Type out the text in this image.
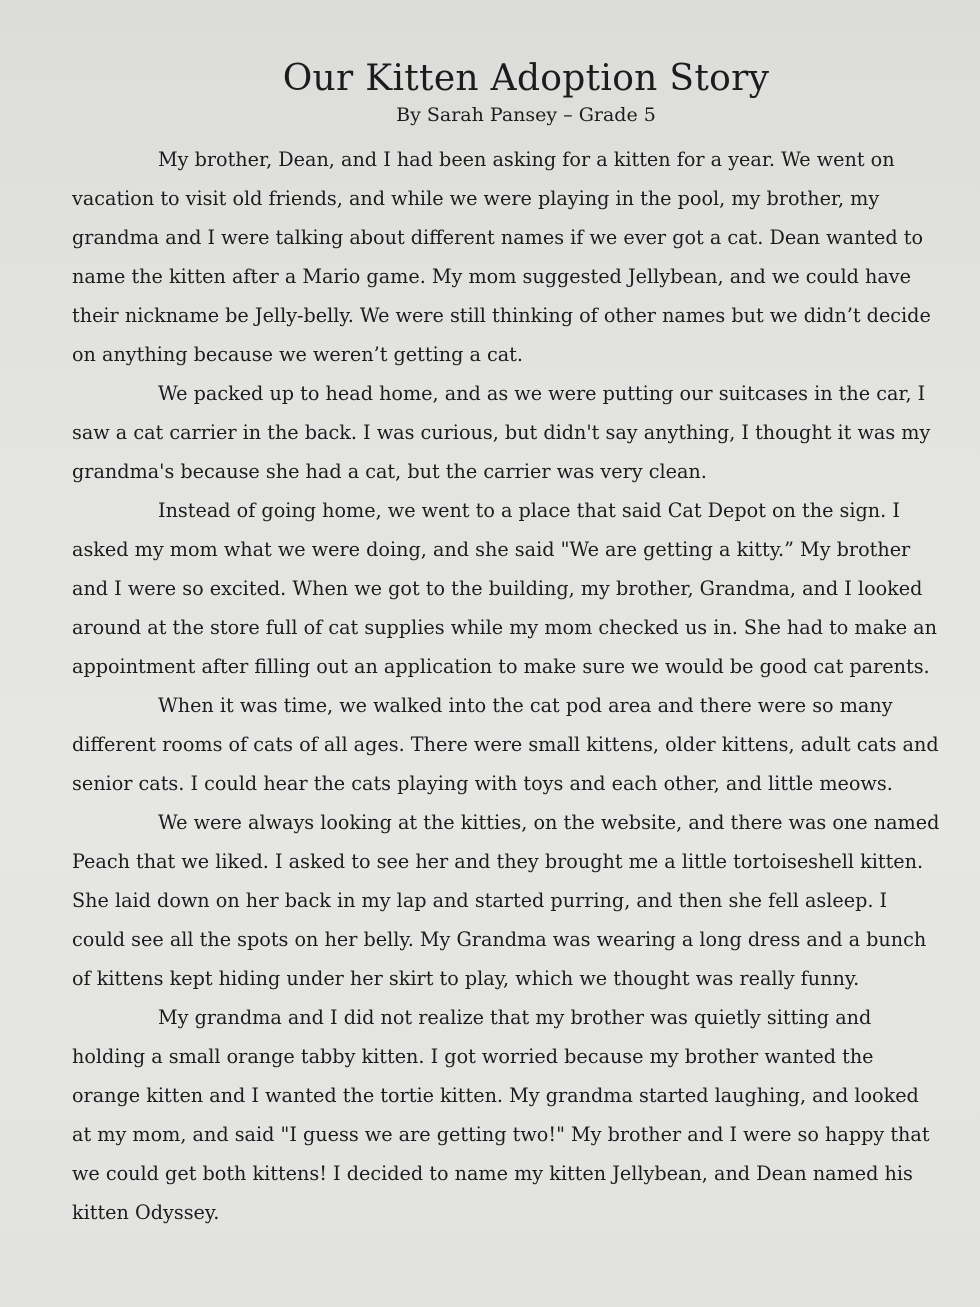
Our Kitten Adoption Story

By Sarah Pansey – Grade 5

My brother, Dean, and I had been asking for a kitten for a year. We went on vacation to visit old friends, and while we were playing in the pool, my brother, my grandma and I were talking about different names if we ever got a cat. Dean wanted to name the kitten after a Mario game. My mom suggested Jellybean, and we could have their nickname be Jelly-belly. We were still thinking of other names but we didn’t decide on anything because we weren’t getting a cat.

We packed up to head home, and as we were putting our suitcases in the car, I saw a cat carrier in the back. I was curious, but didn't say anything, I thought it was my grandma's because she had a cat, but the carrier was very clean.

Instead of going home, we went to a place that said Cat Depot on the sign. I asked my mom what we were doing, and she said "We are getting a kitty.” My brother and I were so excited. When we got to the building, my brother, Grandma, and I looked around at the store full of cat supplies while my mom checked us in. She had to make an appointment after filling out an application to make sure we would be good cat parents.

When it was time, we walked into the cat pod area and there were so many different rooms of cats of all ages. There were small kittens, older kittens, adult cats and senior cats. I could hear the cats playing with toys and each other, and little meows.

We were always looking at the kitties, on the website, and there was one named Peach that we liked. I asked to see her and they brought me a little tortoiseshell kitten. She laid down on her back in my lap and started purring, and then she fell asleep. I could see all the spots on her belly. My Grandma was wearing a long dress and a bunch of kittens kept hiding under her skirt to play, which we thought was really funny.

My grandma and I did not realize that my brother was quietly sitting and holding a small orange tabby kitten. I got worried because my brother wanted the orange kitten and I wanted the tortie kitten. My grandma started laughing, and looked at my mom, and said "I guess we are getting two!" My brother and I were so happy that we could get both kittens! I decided to name my kitten Jellybean, and Dean named his kitten Odyssey.
